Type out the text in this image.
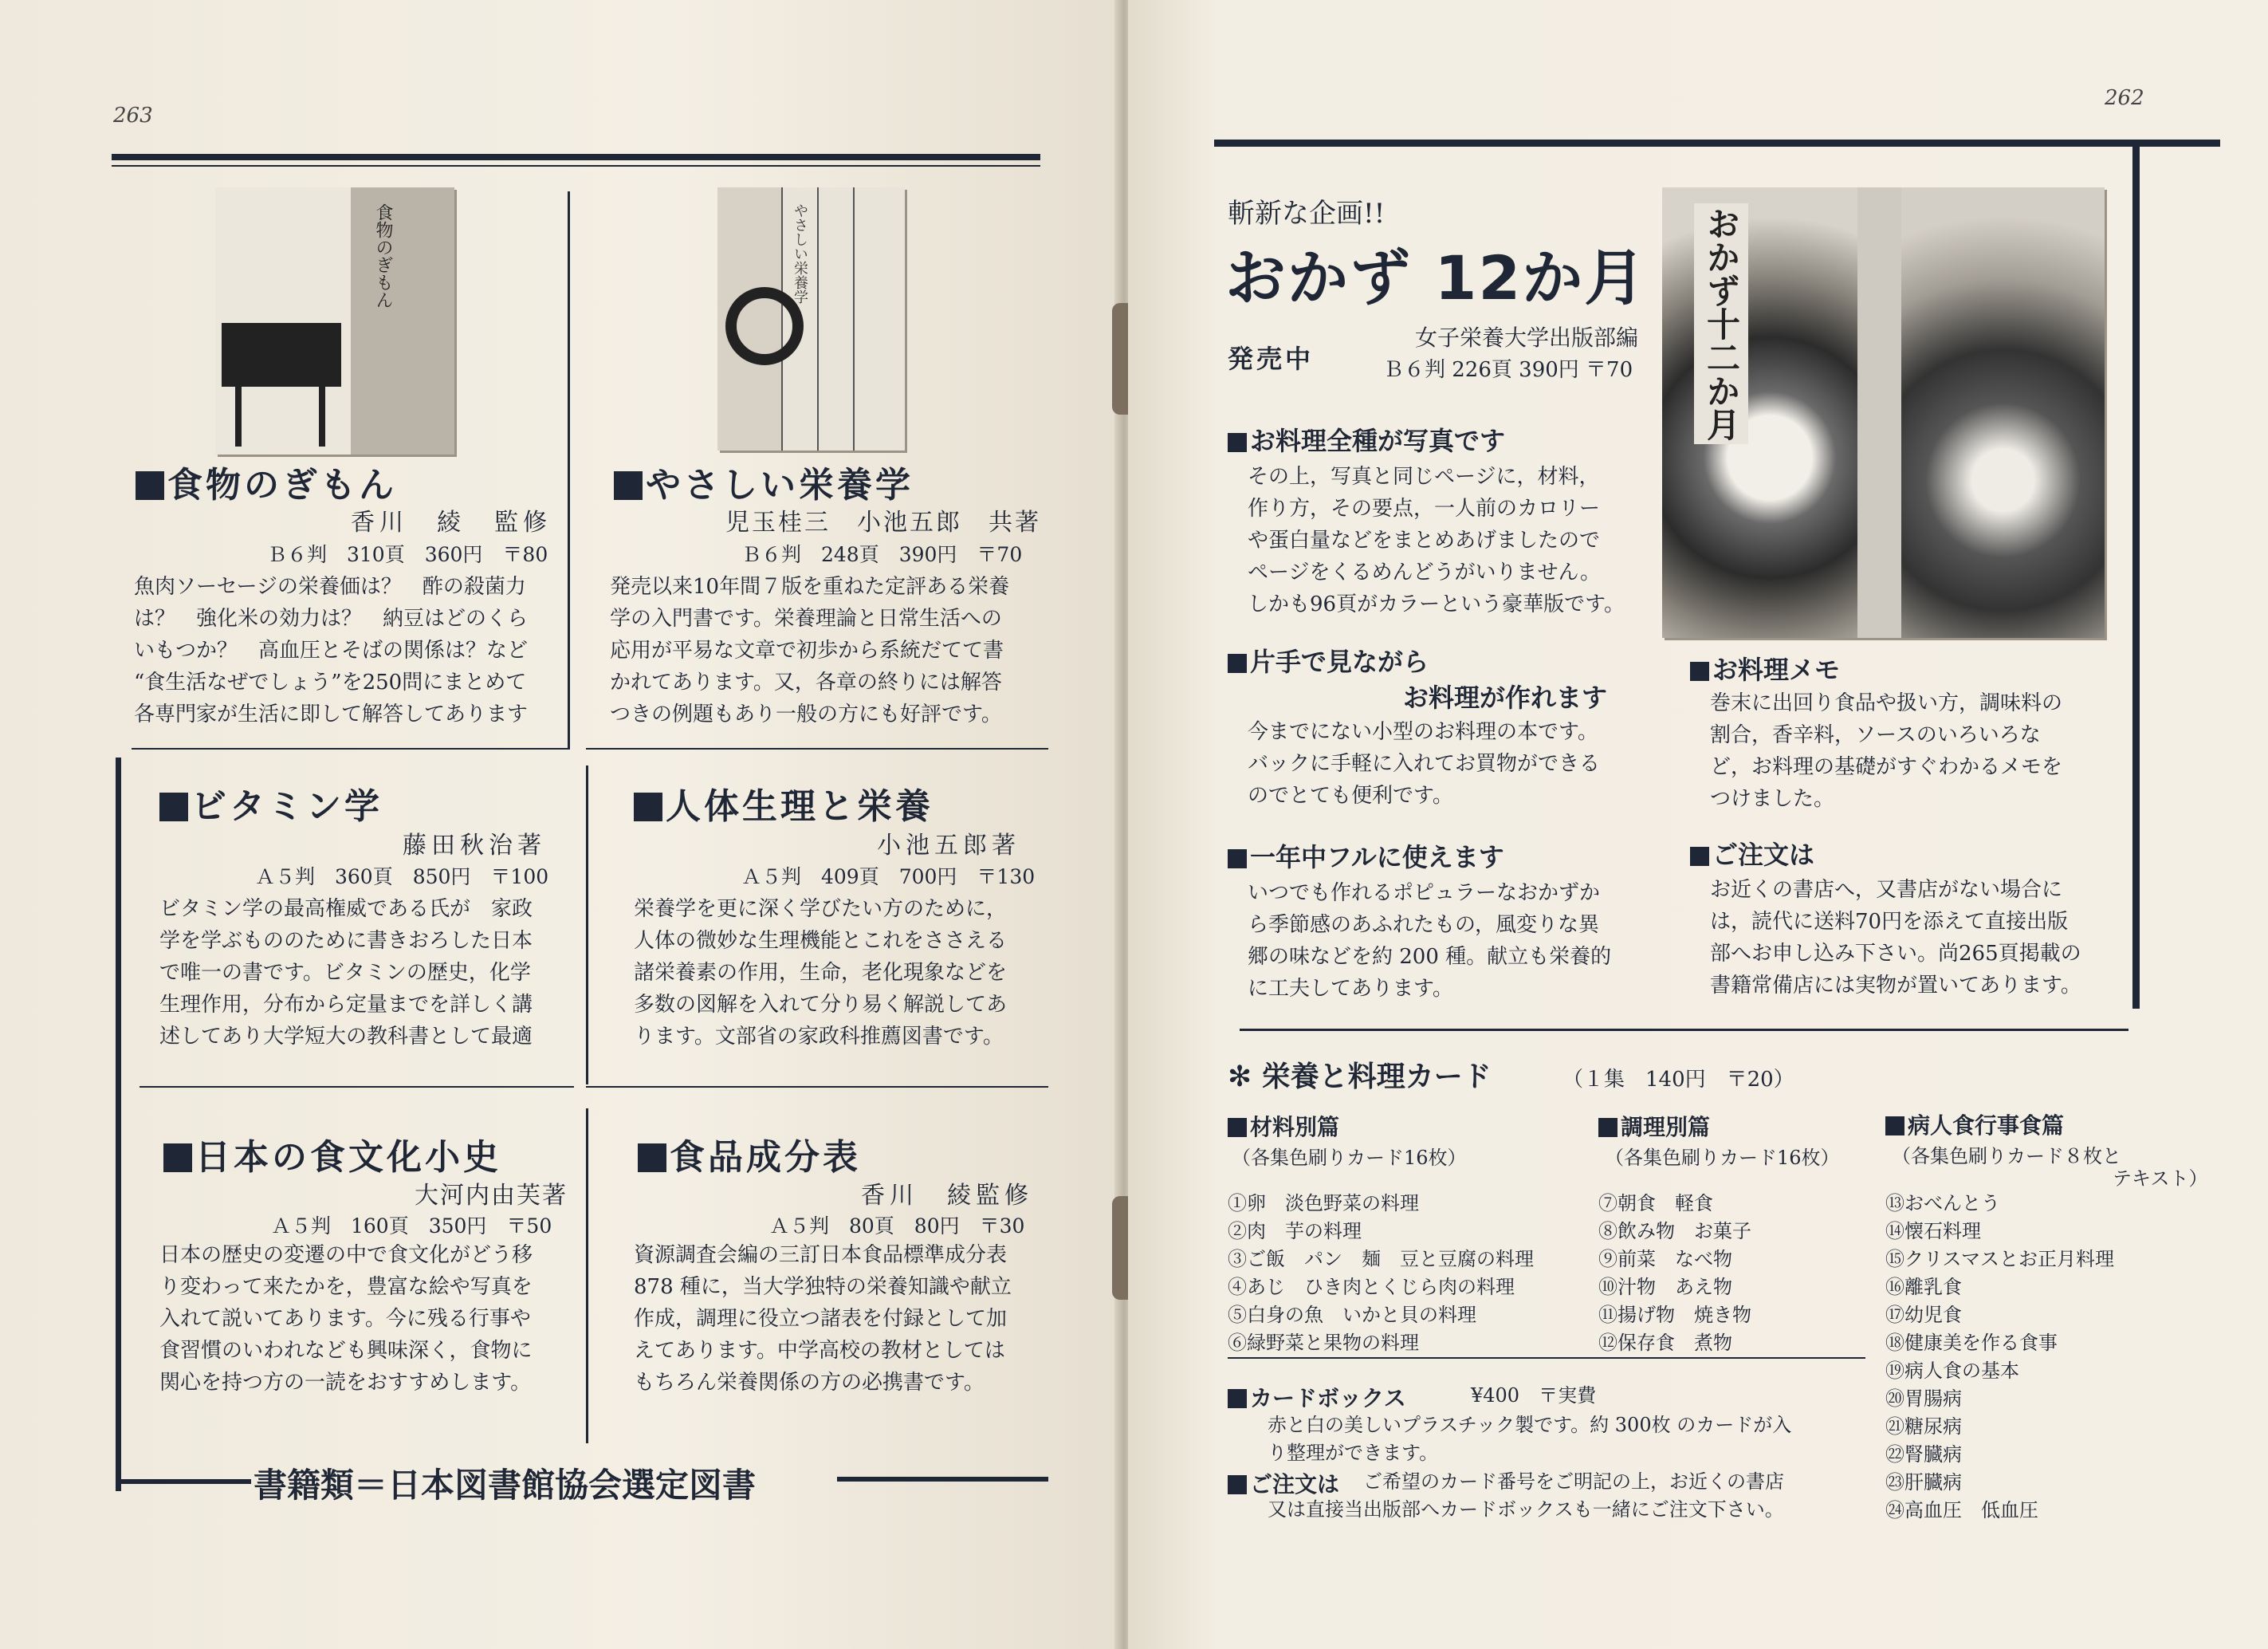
263
食物のぎもん	やさしい栄養学
食物のぎもん
香川　綾　監修
Ｂ６判　310頁　360円　〒80
魚肉ソーセージの栄養価は？　酢の殺菌力
は？　強化米の効力は？　納豆はどのくら
いもつか？　高血圧とそばの関係は？など
“食生活なぜでしょう”を250問にまとめて
各専門家が生活に即して解答してあります
やさしい栄養学
児玉桂三　小池五郎　共著
Ｂ６判　248頁　390円　〒70
発売以来10年間７版を重ねた定評ある栄養
学の入門書です。栄養理論と日常生活への
応用が平易な文章で初歩から系統だてて書
かれてあります。又，各章の終りには解答
つきの例題もあり一般の方にも好評です。
ビタミン学
藤田秋治著
Ａ５判　360頁　850円　〒100
ビタミン学の最高権威である氏が　家政
学を学ぶもののために書きおろした日本
で唯一の書です。ビタミンの歴史，化学
生理作用，分布から定量までを詳しく講
述してあり大学短大の教科書として最適
人体生理と栄養
小池五郎著
Ａ５判　409頁　700円　〒130
栄養学を更に深く学びたい方のために，
人体の微妙な生理機能とこれをささえる
諸栄養素の作用，生命，老化現象などを
多数の図解を入れて分り易く解説してあ
ります。文部省の家政科推薦図書です。
日本の食文化小史
大河内由芙著
Ａ５判　160頁　350円　〒50
日本の歴史の変遷の中で食文化がどう移
り変わって来たかを，豊富な絵や写真を
入れて説いてあります。今に残る行事や
食習慣のいわれなども興味深く，食物に
関心を持つ方の一読をおすすめします。
食品成分表
香川　綾監修
Ａ５判　80頁　80円　〒30
資源調査会編の三訂日本食品標準成分表
878 種に，当大学独特の栄養知識や献立
作成，調理に役立つ諸表を付録として加
えてあります。中学高校の教材としては
もちろん栄養関係の方の必携書です。
書籍類＝日本図書館協会選定図書
262
おかず十二か月
斬新な企画!!
おかず 12か月
発売中
女子栄養大学出版部編
Ｂ６判 226頁 390円 〒70
お料理全種が写真です
その上，写真と同じページに，材料，
作り方，その要点，一人前のカロリー
や蛋白量などをまとめあげましたので
ページをくるめんどうがいりません。
しかも96頁がカラーという豪華版です。
片手で見ながら
お料理が作れます
今までにない小型のお料理の本です。
バックに手軽に入れてお買物ができる
のでとても便利です。
一年中フルに使えます
いつでも作れるポピュラーなおかずか
ら季節感のあふれたもの，風変りな異
郷の味などを約 200 種。献立も栄養的
に工夫してあります。
お料理メモ
巻末に出回り食品や扱い方，調味料の
割合，香辛料，ソースのいろいろな
ど，お料理の基礎がすぐわかるメモを
つけました。
ご注文は
お近くの書店へ，又書店がない場合に
は，読代に送料70円を添えて直接出版
部へお申し込み下さい。尚265頁掲載の
書籍常備店には実物が置いてあります。
✻ 栄養と料理カード	（１集　140円　〒20）
材料別篇
（各集色刷りカード16枚）
①卵　淡色野菜の料理
②肉　芋の料理
③ご飯　パン　麺　豆と豆腐の料理
④あじ　ひき肉とくじら肉の料理
⑤白身の魚　いかと貝の料理
⑥緑野菜と果物の料理
調理別篇
（各集色刷りカード16枚）
⑦朝食　軽食
⑧飲み物　お菓子
⑨前菜　なべ物
⑩汁物　あえ物
⑪揚げ物　焼き物
⑫保存食　煮物
病人食行事食篇
（各集色刷りカード８枚と
テキスト）
⑬おべんとう
⑭懐石料理
⑮クリスマスとお正月料理
⑯離乳食
⑰幼児食
⑱健康美を作る食事
⑲病人食の基本
⑳胃腸病
㉑糖尿病
㉒腎臓病
㉓肝臓病
㉔高血圧　低血圧
カードボックス	¥400　〒実費
赤と白の美しいプラスチック製です。約 300枚 のカードが入
り整理ができます。
ご注文は	ご希望のカード番号をご明記の上，お近くの書店
又は直接当出版部へカードボックスも一緒にご注文下さい。
